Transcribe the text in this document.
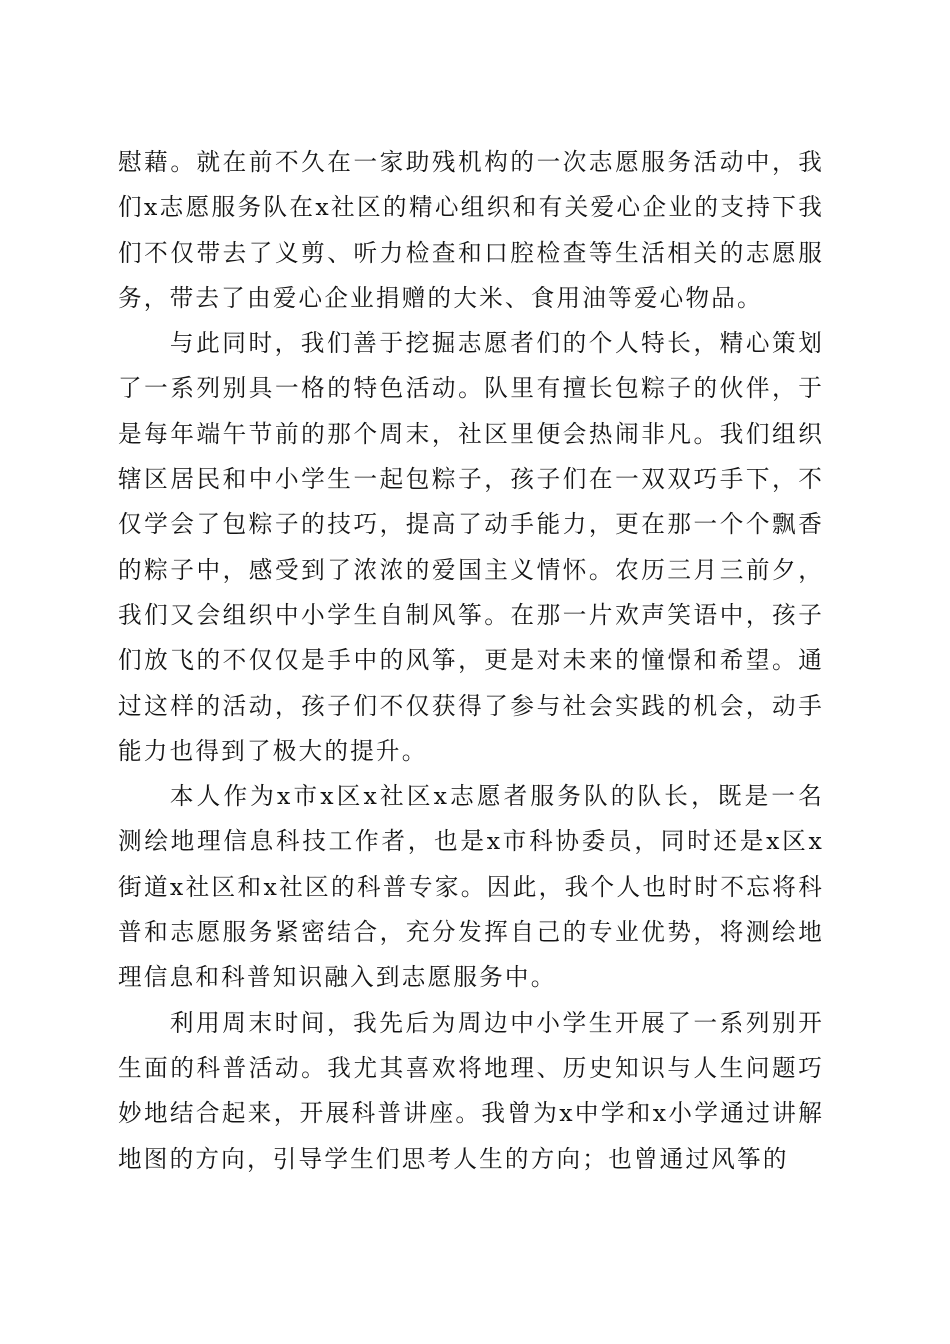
慰藉。就在前不久在一家助残机构的一次志愿服务活动中，我们x志愿服务队在x社区的精心组织和有关爱心企业的支持下我们不仅带去了义剪、听力检查和口腔检查等生活相关的志愿服务，带去了由爱心企业捐赠的大米、食用油等爱心物品。

与此同时，我们善于挖掘志愿者们的个人特长，精心策划了一系列别具一格的特色活动。队里有擅长包粽子的伙伴，于是每年端午节前的那个周末，社区里便会热闹非凡。我们组织辖区居民和中小学生一起包粽子，孩子们在一双双巧手下，不仅学会了包粽子的技巧，提高了动手能力，更在那一个个飘香的粽子中，感受到了浓浓的爱国主义情怀。农历三月三前夕，我们又会组织中小学生自制风筝。在那一片欢声笑语中，孩子们放飞的不仅仅是手中的风筝，更是对未来的憧憬和希望。通过这样的活动，孩子们不仅获得了参与社会实践的机会，动手能力也得到了极大的提升。

本人作为x市x区x社区x志愿者服务队的队长，既是一名测绘地理信息科技工作者，也是x市科协委员，同时还是x区x街道x社区和x社区的科普专家。因此，我个人也时时不忘将科普和志愿服务紧密结合，充分发挥自己的专业优势，将测绘地理信息和科普知识融入到志愿服务中。

利用周末时间，我先后为周边中小学生开展了一系列别开生面的科普活动。我尤其喜欢将地理、历史知识与人生问题巧妙地结合起来，开展科普讲座。我曾为x中学和x小学通过讲解地图的方向，引导学生们思考人生的方向；也曾通过风筝的
